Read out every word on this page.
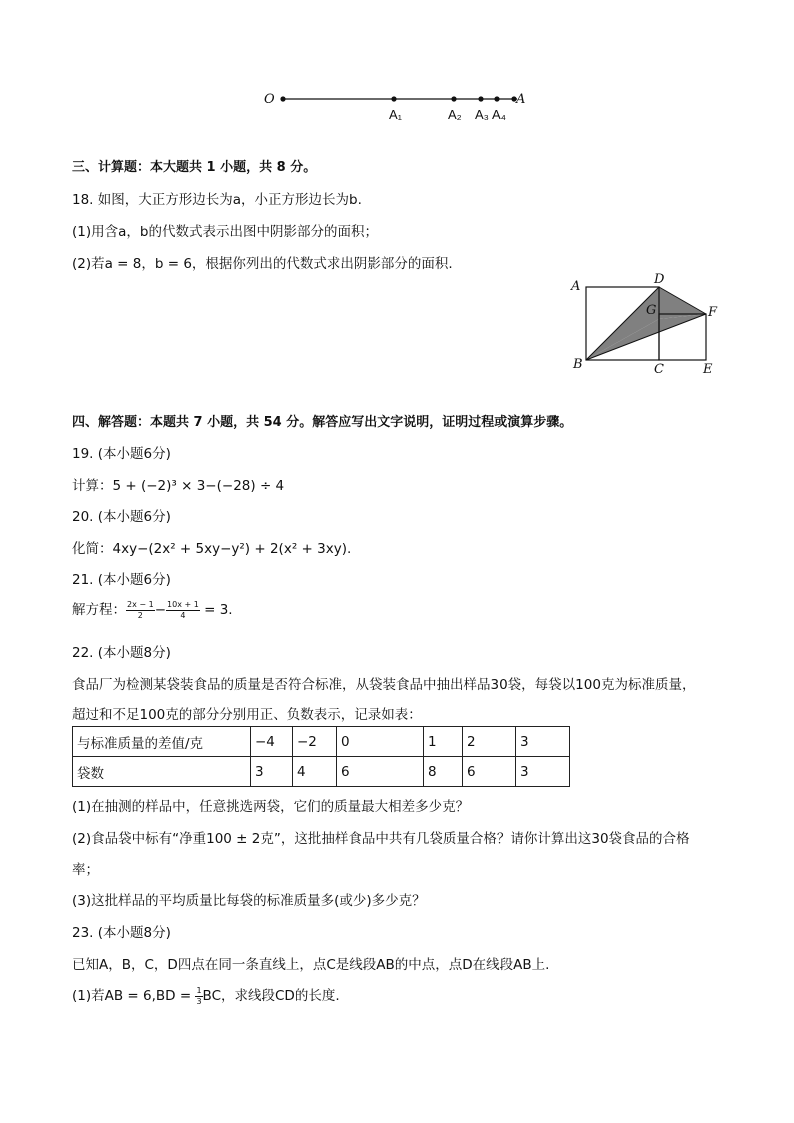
O
A₁	A₂ A₃ A₄
A
三、计算题：本大题共 1 小题，共 8 分。
18. 如图，大正方形边长为a，小正方形边长为b.
(1)用含a，b的代数式表示出图中阴影部分的面积；
(2)若a = 8，b = 6，根据你列出的代数式求出阴影部分的面积.
A	D
G	F
B	C	E
四、解答题：本题共 7 小题，共 54 分。解答应写出文字说明，证明过程或演算步骤。
19. (本小题6分)
计算：5 + (−2)³ × 3−(−28) ÷ 4
20. (本小题6分)
化简：4xy−(2x² + 5xy−y²) + 2(x² + 3xy).
21. (本小题6分)
解方程： $\frac{2x - 1}{2} - \frac{10x + 1}{4} = 3$.
22. (本小题8分)
食品厂为检测某袋装食品的质量是否符合标准，从袋装食品中抽出样品30袋，每袋以100克为标准质量，
超过和不足100克的部分分别用正、负数表示，记录如表：
与标准质量的差值/克	−4	−2	0	1	2	3
袋数	3	4	6	8	6	3
(1)在抽测的样品中，任意挑选两袋，它们的质量最大相差多少克？
(2)食品袋中标有“净重100 ± 2克”，这批抽样食品中共有几袋质量合格？请你计算出这30袋食品的合格
率；
(3)这批样品的平均质量比每袋的标准质量多(或少)多少克？
23. (本小题8分)
已知A，B，C，D四点在同一条直线上，点C是线段AB的中点，点D在线段AB上.
(1)若AB = $6,BD = \frac{1}{3}$ BC，求线段CD的长度.
